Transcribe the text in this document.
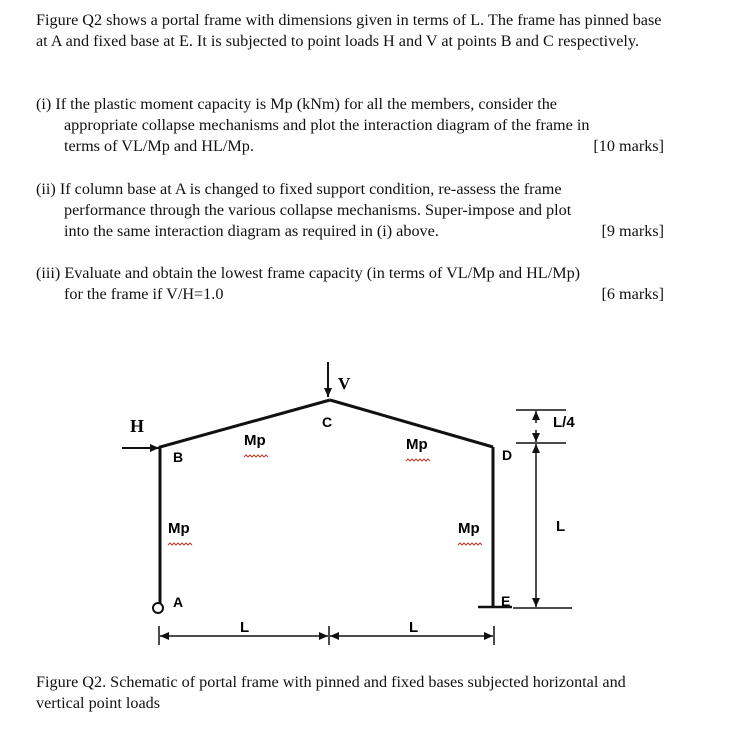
Figure Q2 shows a portal frame with dimensions given in terms of L. The frame has pinned base at A and fixed base at E. It is subjected to point loads H and V at points B and C respectively.
(i) If the plastic moment capacity is Mp (kNm) for all the members, consider the
appropriate collapse mechanisms and plot the interaction diagram of the frame in
terms of VL/Mp and HL/Mp.	[10 marks]
(ii) If column base at A is changed to fixed support condition, re-assess the frame
performance through the various collapse mechanisms. Super-impose and plot
into the same interaction diagram as required in (i) above.	[9 marks]
(iii) Evaluate and obtain the lowest frame capacity (in terms of VL/Mp and HL/Mp)
for the frame if V/H=1.0	[6 marks]
V
H
B
C
D
A	E
Mp	Mp
Mp	Mp
L/4
L
L	L
Figure Q2. Schematic of portal frame with pinned and fixed bases subjected horizontal and vertical point loads
